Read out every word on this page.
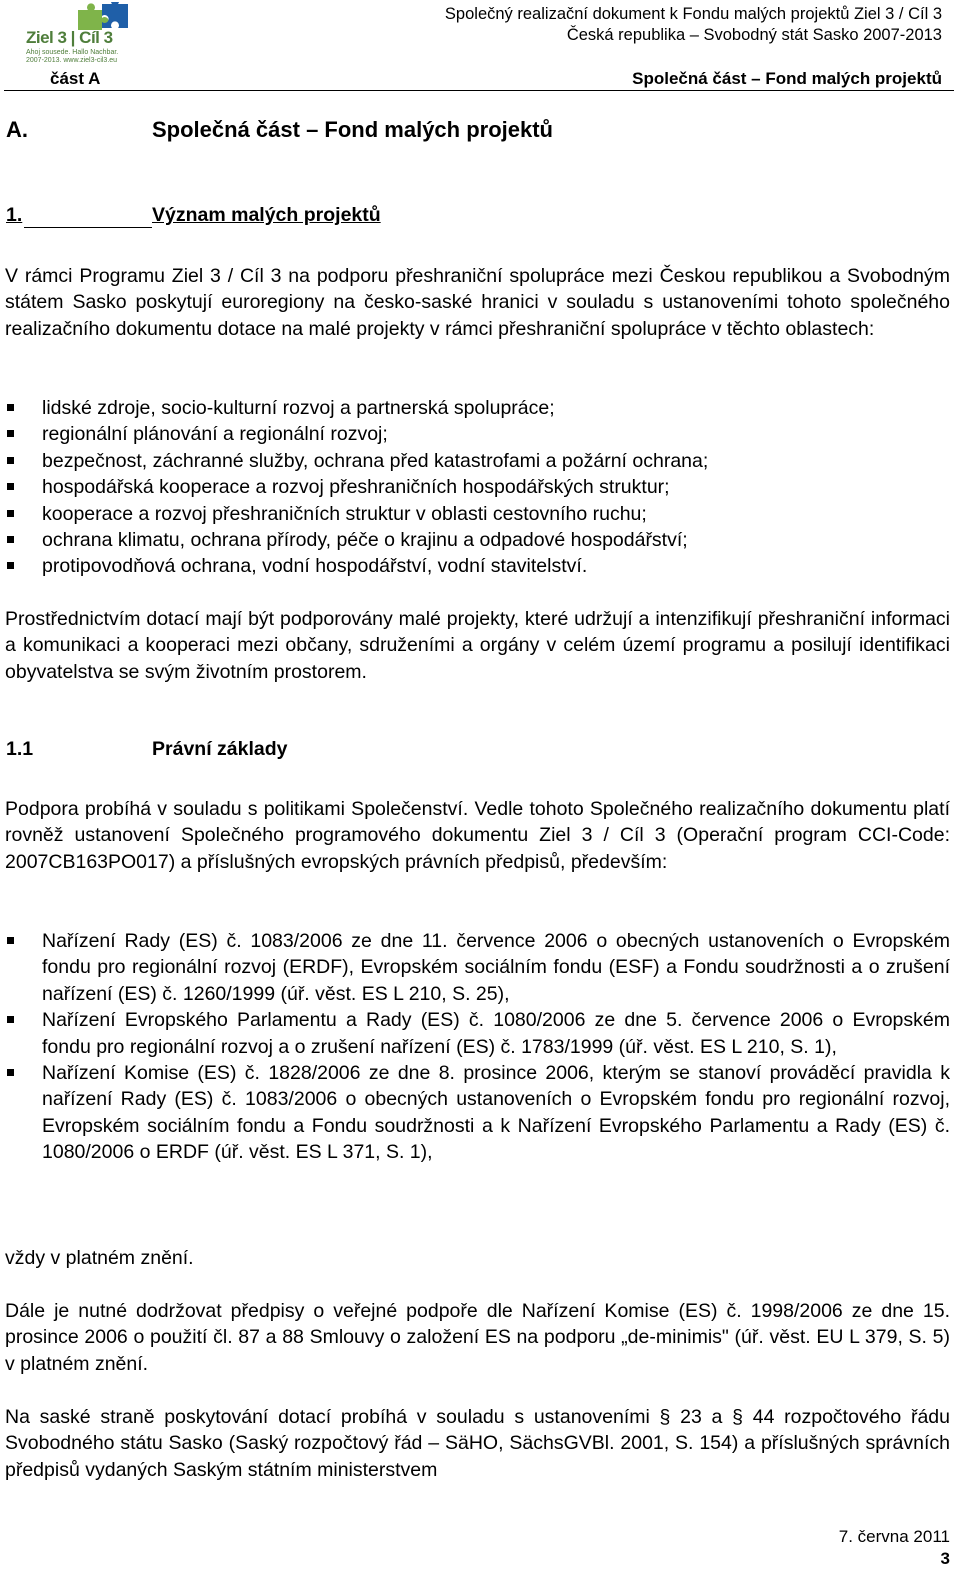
Ziel 3 | Cíl 3
Ahoj sousede. Hallo Nachbar.
2007-2013. www.ziel3-cil3.eu
Společný realizační dokument k Fondu malých projektů Ziel 3 / Cíl 3
Česká republika – Svobodný stát Sasko 2007-2013
část A	Společná část – Fond malých projektů
A.	Společná část – Fond malých projektů
1.	Význam malých projektů

V rámci Programu Ziel 3 / Cíl 3 na podporu přeshraniční spolupráce mezi Českou republikou a Svobodným státem Sasko poskytují euroregiony na česko-saské hranici v souladu s ustanoveními tohoto společného realizačního dokumentu dotace na malé projekty v rámci přeshraniční spolupráce v těchto oblastech:

lidské zdroje, socio-kulturní rozvoj a partnerská spolupráce;
regionální plánování a regionální rozvoj;
bezpečnost, záchranné služby, ochrana před katastrofami a požární ochrana;
hospodářská kooperace a rozvoj přeshraničních hospodářských struktur;
kooperace a rozvoj přeshraničních struktur v oblasti cestovního ruchu;
ochrana klimatu, ochrana přírody, péče o krajinu a odpadové hospodářství;
protipovodňová ochrana, vodní hospodářství, vodní stavitelství.

Prostřednictvím dotací mají být podporovány malé projekty, které udržují a intenzifikují přeshraniční informaci a komunikaci a kooperaci mezi občany, sdruženími a orgány v celém území programu a posilují identifikaci obyvatelstva se svým životním prostorem.

1.1	Právní základy

Podpora probíhá v souladu s politikami Společenství. Vedle tohoto Společného realizačního dokumentu platí rovněž ustanovení Společného programového dokumentu Ziel 3 / Cíl 3 (Operační program CCI-Code: 2007CB163PO017) a příslušných evropských právních předpisů, především:

Nařízení Rady (ES) č. 1083/2006 ze dne 11. července 2006 o obecných ustanoveních o Evropském fondu pro regionální rozvoj (ERDF), Evropském sociálním fondu (ESF) a Fondu soudržnosti a o zrušení nařízení (ES) č. 1260/1999 (úř. věst. ES L 210, S. 25),
Nařízení Evropského Parlamentu a Rady (ES) č. 1080/2006 ze dne 5. července 2006 o Evropském fondu pro regionální rozvoj a o zrušení nařízení (ES) č. 1783/1999 (úř. věst. ES L 210, S. 1),
Nařízení Komise (ES) č. 1828/2006 ze dne 8. prosince 2006, kterým se stanoví prováděcí pravidla k nařízení Rady (ES) č. 1083/2006 o obecných ustanoveních o Evropském fondu pro regionální rozvoj, Evropském sociálním fondu a Fondu soudržnosti a k Nařízení Evropského Parlamentu a Rady (ES) č. 1080/2006 o ERDF (úř. věst. ES L 371, S. 1),

vždy v platném znění.

Dále je nutné dodržovat předpisy o veřejné podpoře dle Nařízení Komise (ES) č. 1998/2006 ze dne 15. prosince 2006 o použití čl. 87 a 88 Smlouvy o založení ES na podporu „de-minimis" (úř. věst. EU L 379, S. 5) v platném znění.

Na saské straně poskytování dotací probíhá v souladu s ustanoveními § 23 a § 44 rozpočtového řádu Svobodného státu Sasko (Saský rozpočtový řád – SäHO, SächsGVBl. 2001, S. 154) a příslušných správních předpisů vydaných Saským státním ministerstvem

7. června 2011
3
